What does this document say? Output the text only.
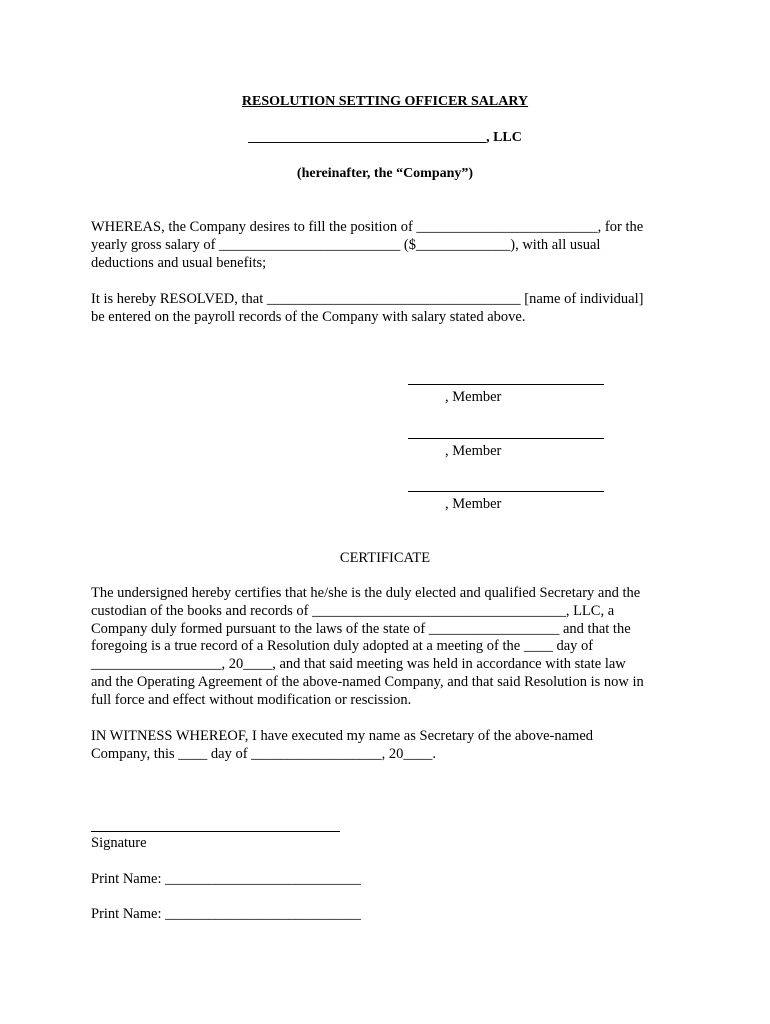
RESOLUTION SETTING OFFICER SALARY
__________________________________, LLC
(hereinafter, the “Company”)
WHEREAS, the Company desires to fill the position of _________________________, for the
yearly gross salary of _________________________ ($_____________), with all usual
deductions and usual benefits;
It is hereby RESOLVED, that ___________________________________ [name of individual]
be entered on the payroll records of the Company with salary stated above.
, Member
, Member
, Member
CERTIFICATE
The undersigned hereby certifies that he/she is the duly elected and qualified Secretary and the
custodian of the books and records of ___________________________________, LLC, a
Company duly formed pursuant to the laws of the state of __________________ and that the
foregoing is a true record of a Resolution duly adopted at a meeting of the ____ day of
__________________, 20____, and that said meeting was held in accordance with state law
and the Operating Agreement of the above-named Company, and that said Resolution is now in
full force and effect without modification or rescission.
IN WITNESS WHEREOF, I have executed my name as Secretary of the above-named
Company, this ____ day of __________________, 20____.
Signature
Print Name: ___________________________
Print Name: ___________________________
